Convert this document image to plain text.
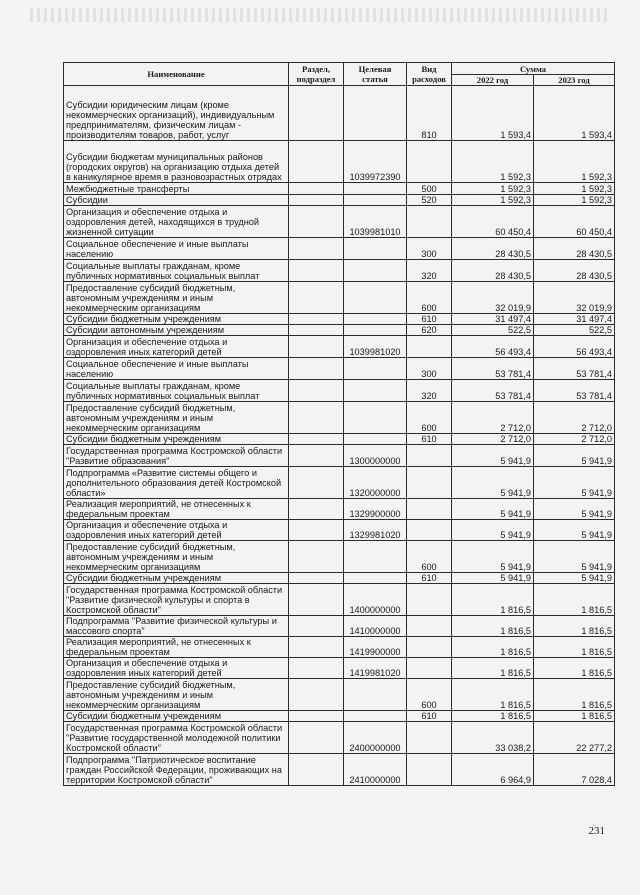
Наименование	Раздел, подраздел	Целевая статья	Вид расходов	Сумма	
				2022 год	2023 год
Субсидии юридическим лицам (кроме некоммерческих организаций), индивидуальным предпринимателям, физическим лицам - производителям товаров, работ, услуг			810	1 593,4	1 593,4
Субсидии бюджетам муниципальных районов (городских округов) на организацию отдыха детей в каникулярное время в разновозрастных отрядах		1039972390		1 592,3	1 592,3
Межбюджетные трансферты			500	1 592,3	1 592,3
Субсидии			520	1 592,3	1 592,3
Организация и обеспечение отдыха и оздоровления детей, находящихся в трудной жизненной ситуации		1039981010		60 450,4	60 450,4
Социальное обеспечение и иные выплаты населению			300	28 430,5	28 430,5
Социальные выплаты гражданам, кроме публичных нормативных социальных выплат			320	28 430,5	28 430,5
Предоставление субсидий бюджетным, автономным учреждениям и иным некоммерческим организациям			600	32 019,9	32 019,9
Субсидии бюджетным учреждениям			610	31 497,4	31 497,4
Субсидии автономным учреждениям			620	522,5	522,5
Организация и обеспечение отдыха и оздоровления иных категорий детей		1039981020		56 493,4	56 493,4
Социальное обеспечение и иные выплаты населению			300	53 781,4	53 781,4
Социальные выплаты гражданам, кроме публичных нормативных социальных выплат			320	53 781,4	53 781,4
Предоставление субсидий бюджетным, автономным учреждениям и иным некоммерческим организациям			600	2 712,0	2 712,0
Субсидии бюджетным учреждениям			610	2 712,0	2 712,0
Государственная программа Костромской области "Развитие образования"		1300000000		5 941,9	5 941,9
Подпрограмма «Развитие системы общего и дополнительного образования детей Костромской области»		1320000000		5 941,9	5 941,9
Реализация мероприятий, не отнесенных к федеральным проектам		1329900000		5 941,9	5 941,9
Организация и обеспечение отдыха и оздоровления иных категорий детей		1329981020		5 941,9	5 941,9
Предоставление субсидий бюджетным, автономным учреждениям и иным некоммерческим организациям			600	5 941,9	5 941,9
Субсидии бюджетным учреждениям			610	5 941,9	5 941,9
Государственная программа Костромской области "Развитие физической культуры и спорта в Костромской области"		1400000000		1 816,5	1 816,5
Подпрограмма "Развитие физической культуры и массового спорта"		1410000000		1 816,5	1 816,5
Реализация мероприятий, не отнесенных к федеральным проектам		1419900000		1 816,5	1 816,5
Организация и обеспечение отдыха и оздоровления иных категорий детей		1419981020		1 816,5	1 816,5
Предоставление субсидий бюджетным, автономным учреждениям и иным некоммерческим организациям			600	1 816,5	1 816,5
Субсидии бюджетным учреждениям			610	1 816,5	1 816,5
Государственная программа Костромской области "Развитие государственной молодежной политики Костромской области"		2400000000		33 038,2	22 277,2
Подпрограмма "Патриотическое воспитание граждан Российской Федерации, проживающих на территории Костромской области"		2410000000		6 964,9	7 028,4
231
